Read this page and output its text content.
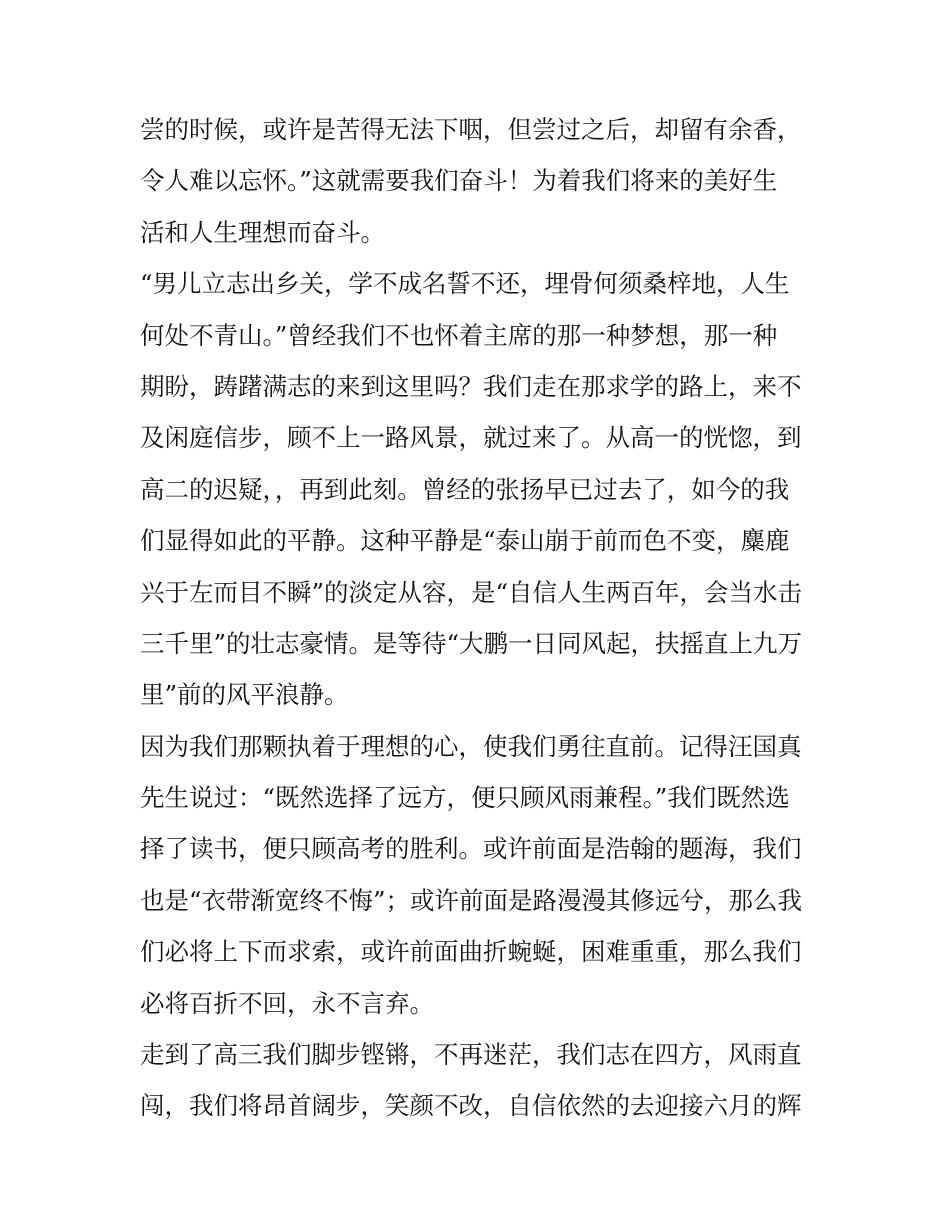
尝的时候，或许是苦得无法下咽，但尝过之后，却留有余香，
令人难以忘怀。”这就需要我们奋斗！为着我们将来的美好生
活和人生理想而奋斗。
“男儿立志出乡关，学不成名誓不还，埋骨何须桑梓地，人生
何处不青山。”曾经我们不也怀着主席的那一种梦想，那一种
期盼，踌躇满志的来到这里吗？我们走在那求学的路上，来不
及闲庭信步，顾不上一路风景，就过来了。从高一的恍惚，到
高二的迟疑，，再到此刻。曾经的张扬早已过去了，如今的我
们显得如此的平静。这种平静是“泰山崩于前而色不变，麋鹿
兴于左而目不瞬”的淡定从容，是“自信人生两百年，会当水击
三千里”的壮志豪情。是等待“大鹏一日同风起，扶摇直上九万
里”前的风平浪静。
因为我们那颗执着于理想的心，使我们勇往直前。记得汪国真
先生说过：“既然选择了远方，便只顾风雨兼程。”我们既然选
择了读书，便只顾高考的胜利。或许前面是浩翰的题海，我们
也是“衣带渐宽终不悔”；或许前面是路漫漫其修远兮，那么我
们必将上下而求索，或许前面曲折蜿蜒，困难重重，那么我们
必将百折不回，永不言弃。
走到了高三我们脚步铿锵，不再迷茫，我们志在四方，风雨直
闯，我们将昂首阔步，笑颜不改，自信依然的去迎接六月的辉
